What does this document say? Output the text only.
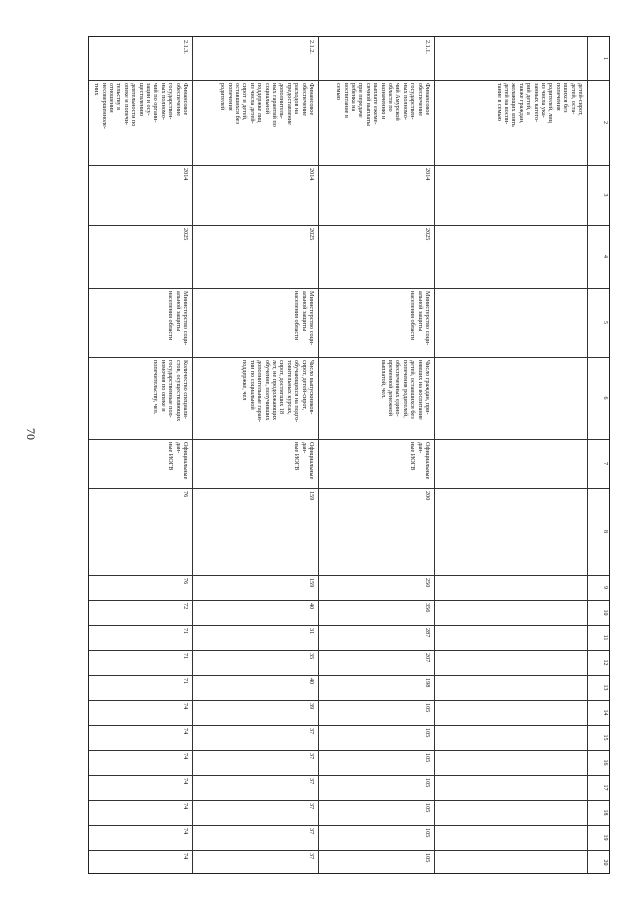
70
1
2
3
4
5
6
7
8
9
10
11
12
13
14
15
16
17
18
19
20
детей-сирот,
детей, оста-
вшихся без
попечения
родителей, лиц
из числа ука-
занных катего-
рий детей, а
также граждан,
желающих взять
детей на воспи-
тание в семью
2.1.1.
Финансовое
обеспечение
государствен-
ных полномо-
чий Амурской
области по
назначению и
выплате ежеме-
сячной выплаты
при передаче
ребенка на
воспитание в
семью
2014
2025
Министерство соци-
альной защиты
населения области
Число граждан, при-
нявших на воспитание
детей, оставшихся без
попечения родителей,
обеспеченных едино-
временной денежной
выплатой, чел.
Официальные дан-
ные ИОГВ
200
250
356
287
207
198
105
105
105
105
105
105
105
2.1.2.
Финансовое
обеспечение
расходов на
предоставление
дополнитель-
ных гарантий по
социальной
поддержке лиц
из числа детей-
сирот и детей,
оставшихся без
попечения
родителей
2014
2025
Министерство соци-
альной защиты
населения области
Число выпускников-
сирот, детей-сирот,
обучающихся на подго-
товительных курсах,
сирот, достигших 18
лет, не продолжающих
обучение, получивших
дополнительные гаран-
тии по социальной
поддержке, чел
Официальные дан-
ные ИОГВ
159
159
40
31
35
40
39
37
37
37
37
37
37
2.1.3.
Финансовое
обеспечение
государствен-
ных полномо-
чий по органи-
зации и осу-
ществлению
деятельности по
опеке и попечи-
тельству в
отношении
несовершенноле-
тних
2014
2025
Министерство соци-
альной защиты
населения области
Количество специали-
стов, осуществляющих
государственные пол-
номочия по опеке и
попечительству, чел.
Официальные дан-
ные ИОГВ
76
76
72
71
71
71
74
74
74
74
74
74
74
